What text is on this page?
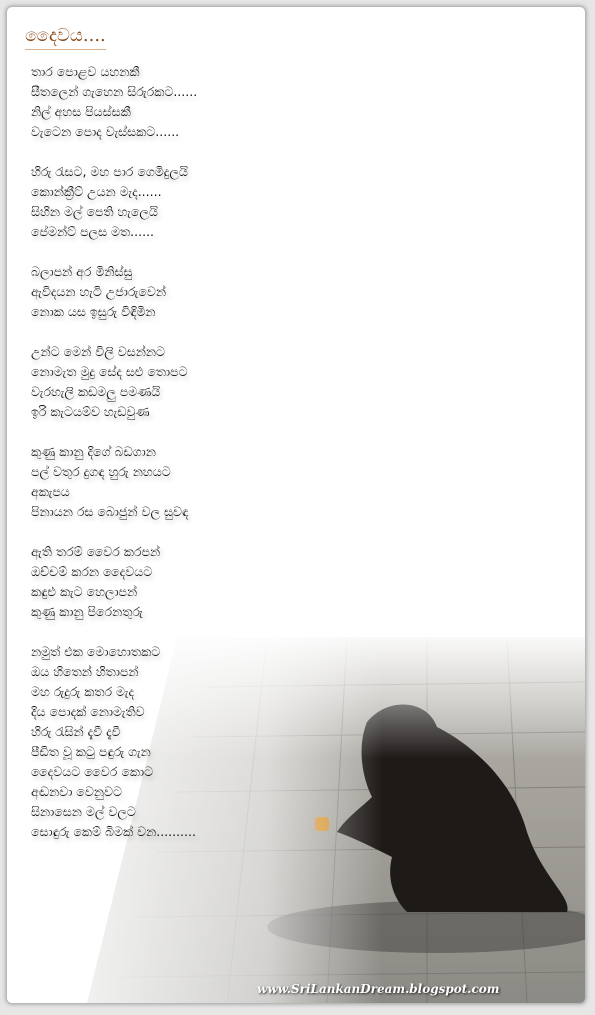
දෛවය....
තාර පොළව යහනකී
සීතලෙන් ගැහෙන සිරුරකට......
නිල් අහස පියස්සකී
වැටෙන පොද වැස්සකට......
හිරු රැසට, මහ පාර ගෙමිදුලයි
කොන්ක්‍රීට් උයන මැද......
සිහින මල් පෙති හැලෙයි
පේමන්ට් පලස මත......
බලාපන් අර මිනිස්සු
ඇවිදයන හැටි උජාරුවෙන්
නොක යස ඉසුරු විඳිමින
උන්ට මෙන් විලි වසන්නට
නොමැත මුදු සේද සළු තොපට
වැරහැලි කඩමලු පමණයි
ඉරි කැටයම්ව හැඩවුණ
කුණු කානු දිගේ බඩගාන
පල් වතුර දුගඳ හුරු නහයට
අකැපය
පිනායන රස බොජුන් වල සුවඳ
ඇති තරම් වෛර කරපන්
ඔච්චම් කරන දෛවයට
කඳුළු කැට හෙලාපන්
කුණු කානු පිරෙනතුරු
නමුත් එක මොහොතකට
ඔය හිතෙන් හිතාපන්
මහ රුදුරු කතර මැද
දිය පොදක් නොමැතිව
හිරු රැසින් දැවී දැවී
පීඩිත වූ කටු පඳුරු ගැන
දෛවයට වෛර කොට
අඬනවා වෙනුවට
සිනාසෙන මල් වලට
සොඳුරු කෙම් බිමක් වන..........
www.SriLankanDream.blogspot.com
